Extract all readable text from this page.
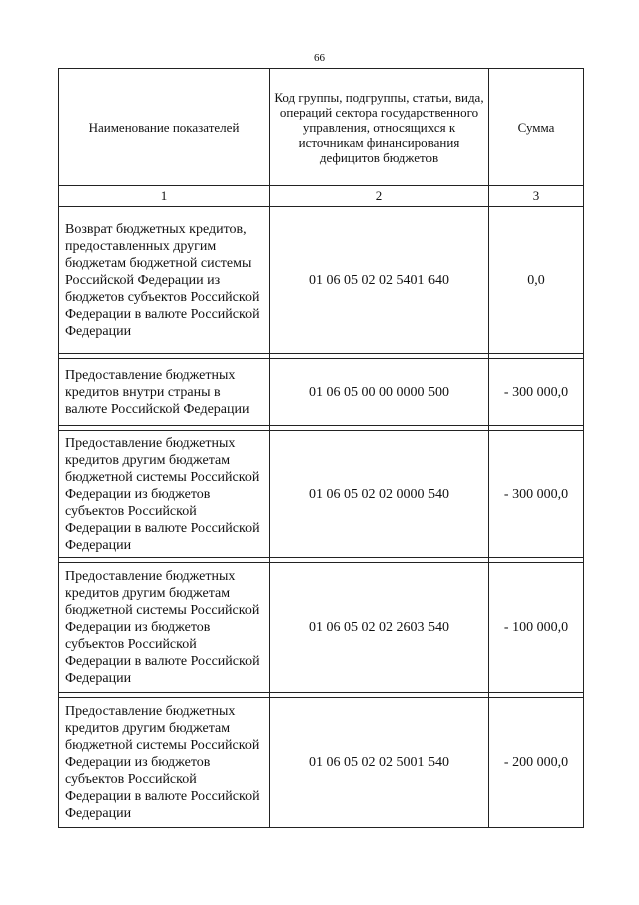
66
Наименование показателей	Код группы, подгруппы, статьи, вида, операций сектора государственного управления, относящихся к источникам финансирования дефицитов бюджетов	Сумма
1	2	3
Возврат бюджетных кредитов, предоставленных другим бюджетам бюджетной системы Российской Федерации из бюджетов субъектов Российской Федерации в валюте Российской Федерации	01 06 05 02 02 5401 640	0,0

Предоставление бюджетных кредитов внутри страны в валюте Российской Федерации	01 06 05 00 00 0000 500	- 300 000,0

Предоставление бюджетных кредитов другим бюджетам бюджетной системы Российской Федерации из бюджетов субъектов Российской Федерации в валюте Российской Федерации	01 06 05 02 02 0000 540	- 300 000,0

Предоставление бюджетных кредитов другим бюджетам бюджетной системы Российской Федерации из бюджетов субъектов Российской Федерации в валюте Российской Федерации	01 06 05 02 02 2603 540	- 100 000,0

Предоставление бюджетных кредитов другим бюджетам бюджетной системы Российской Федерации из бюджетов субъектов Российской Федерации в валюте Российской Федерации	01 06 05 02 02 5001 540	- 200 000,0
